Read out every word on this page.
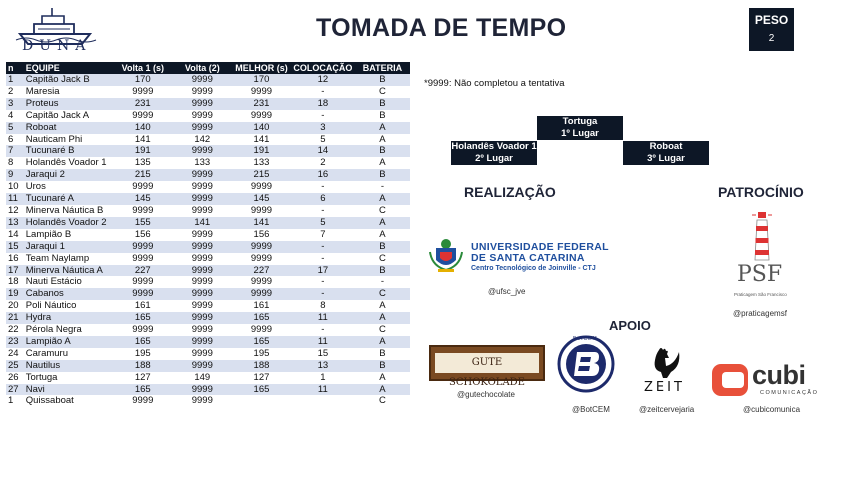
DUNA
TOMADA DE TEMPO	PESO
2
n	EQUIPE	Volta 1 (s)	Volta (2)	MELHOR (s)	COLOCAÇÃO	BATERIA
1	Capitão Jack B	170	9999	170	12	B
2	Maresia	9999	9999	9999	-	C
3	Proteus	231	9999	231	18	B
4	Capitão Jack A	9999	9999	9999	-	B
5	Roboat	140	9999	140	3	A
6	Nauticam Phi	141	142	141	5	A
7	Tucunaré B	191	9999	191	14	B
8	Holandês Voador 1	135	133	133	2	A
9	Jaraqui 2	215	9999	215	16	B
10	Uros	9999	9999	9999	-	-
11	Tucunaré A	145	9999	145	6	A
12	Minerva Náutica B	9999	9999	9999	-	C
13	Holandês Voador 2	155	141	141	5	A
14	Lampião B	156	9999	156	7	A
15	Jaraqui 1	9999	9999	9999	-	B
16	Team Naylamp	9999	9999	9999	-	C
17	Minerva Náutica A	227	9999	227	17	B
18	Nauti Estácio	9999	9999	9999	-	-
19	Cabanos	9999	9999	9999	-	C
20	Poli Náutico	161	9999	161	8	A
21	Hydra	165	9999	165	11	A
22	Pérola Negra	9999	9999	9999	-	C
23	Lampião A	165	9999	165	11	A
24	Caramuru	195	9999	195	15	B
25	Nautilus	188	9999	188	13	B
26	Tortuga	127	149	127	1	A
27	Navi	165	9999	165	11	A
1	Quissaboat	9999	9999			C
*9999: Não completou a tentativa
Tortuga
1º Lugar
Holandês Voador 1
2º Lugar
Roboat
3º Lugar
REALIZAÇÃO
UNIVERSIDADE FEDERAL
DE SANTA CATARINA
Centro Tecnológico de Joinville - CTJ
@ufsc_jve
PATROCÍNIO
PSF
Praticagem São Francisco
@praticagemsf
APOIO
GUTE SCHOKOLADE
@gutechocolate
@BotCEM
BotCEM
ZEIT
@zeitcervejaria
cubi
COMUNICAÇÃO
@cubicomunica
